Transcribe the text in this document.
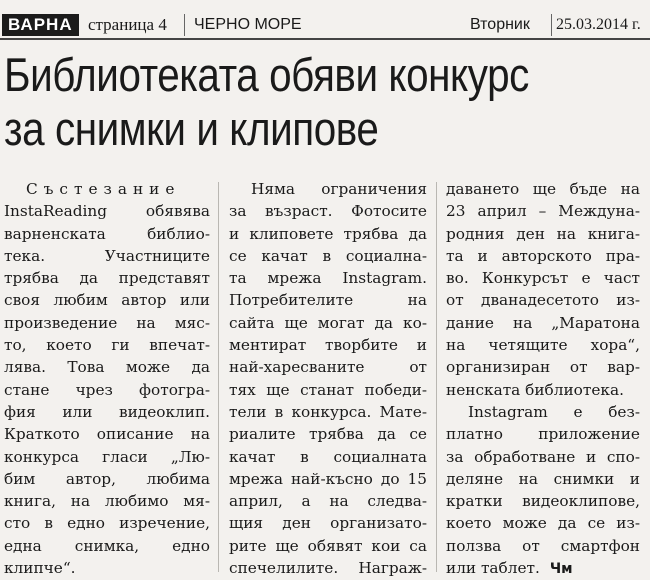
ВАРНА страница 4 ЧЕРНО МОРЕ	Вторник 25.03.2014 г.
Библиотеката обяви конкурс
за снимки и клипове
Състезание
InstaReading обявява
варненската библио-
тека. Участниците
трябва да представят
своя любим автор или
произведение на мяс-
то, което ги впечат-
лява. Това може да
стане чрез фотогра-
фия или видеоклип.
Краткото описание на
конкурса гласи „Лю-
бим автор, любима
книга, на любимо мя-
сто в едно изречение,
една снимка, едно
клипче“.
Няма ограничения
за възраст. Фотосите
и клиповете трябва да
се качат в социална-
та мрежа Instagram.
Потребителите на
сайта ще могат да ко-
ментират творбите и
най-харесваните от
тях ще станат победи-
тели в конкурса. Мате-
риалите трябва да се
качат в социалната
мрежа най-късно до 15
април, а на следва-
щия ден организато-
рите ще обявят кои са
спечелилите. Награж-
даването ще бъде на
23 април – Междуна-
родния ден на книга-
та и авторското пра-
во. Конкурсът е част
от дванадесетото из-
дание на „Маратона
на четящите хора“,
организиран от вар-
ненската библиотека.
Instagram е без-
платно приложение
за обработване и спо-
деляне на снимки и
кратки видеоклипове,
което може да се из-
ползва от смартфон
или таблет. Чм
